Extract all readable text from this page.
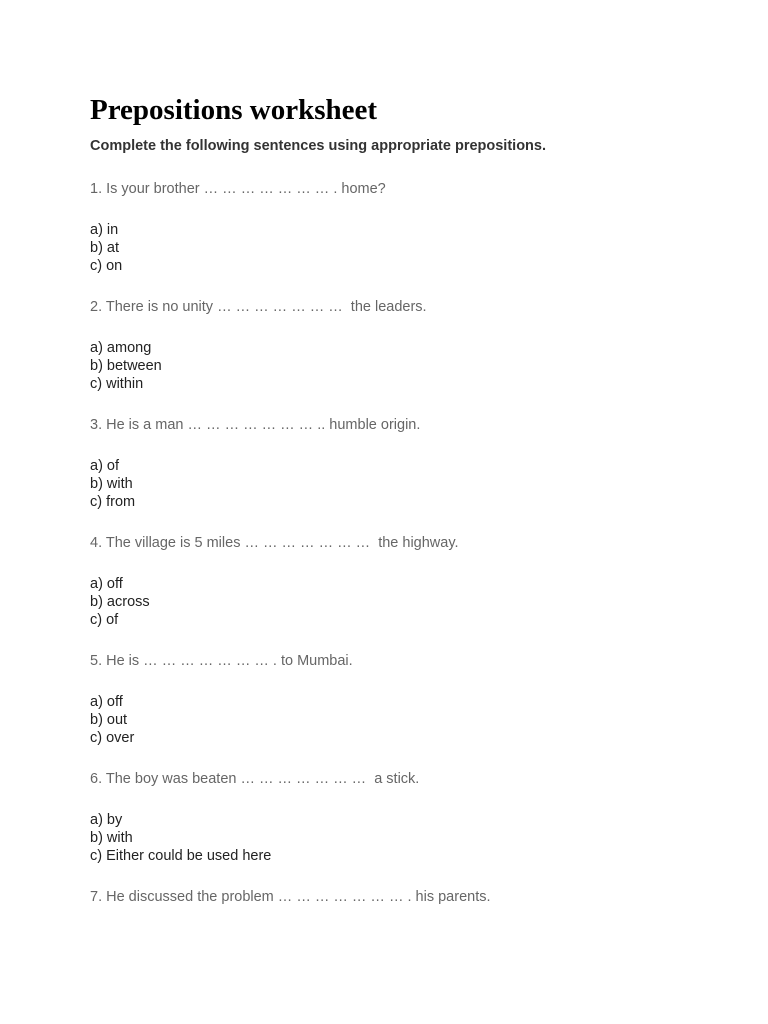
Prepositions worksheet
Complete the following sentences using appropriate prepositions.
1. Is your brother … … … … … … … . home?
a) in
b) at
c) on
2. There is no unity … … … … … … …  the leaders.
a) among
b) between
c) within
3. He is a man … … … … … … … .. humble origin.
a) of
b) with
c) from
4. The village is 5 miles … … … … … … …  the highway.
a) off
b) across
c) of
5. He is … … … … … … … . to Mumbai.
a) off
b) out
c) over
6. The boy was beaten … … … … … … …  a stick.
a) by
b) with
c) Either could be used here
7. He discussed the problem … … … … … … … . his parents.
